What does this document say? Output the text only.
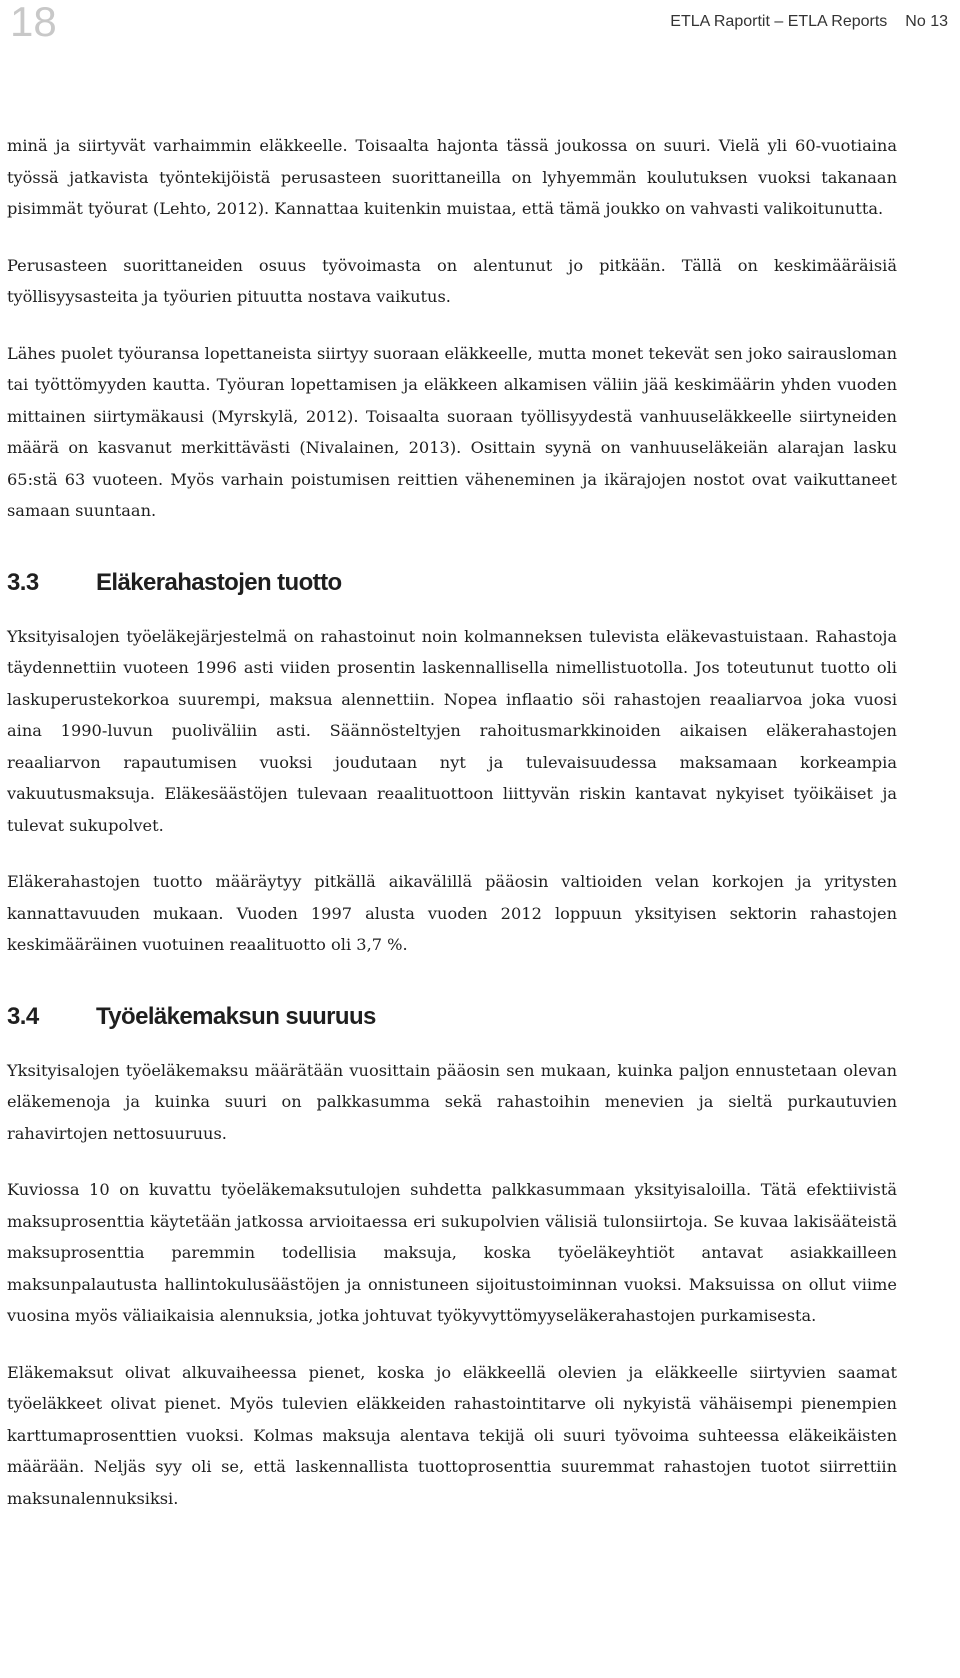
18	ETLA Raportit – ETLA Reports No 13

minä ja siirtyvät varhaimmin eläkkeelle. Toisaalta hajonta tässä joukossa on suuri. Vielä yli 60-vuotiaina työssä jatkavista työntekijöistä perusasteen suorittaneilla on lyhyemmän koulutuksen vuoksi takanaan pisimmät työurat (Lehto, 2012). Kannattaa kuitenkin muistaa, että tämä joukko on vahvasti valikoitunutta.

Perusasteen suorittaneiden osuus työvoimasta on alentunut jo pitkään. Tällä on keskimääräisiä työllisyysasteita ja työurien pituutta nostava vaikutus.

Lähes puolet työuransa lopettaneista siirtyy suoraan eläkkeelle, mutta monet tekevät sen joko sairausloman tai työttömyyden kautta. Työuran lopettamisen ja eläkkeen alkamisen väliin jää keskimäärin yhden vuoden mittainen siirtymäkausi (Myrskylä, 2012). Toisaalta suoraan työllisyydestä vanhuuseläkkeelle siirtyneiden määrä on kasvanut merkittävästi (Nivalainen, 2013). Osittain syynä on vanhuuseläkeiän alarajan lasku 65:stä 63 vuoteen. Myös varhain poistumisen reittien väheneminen ja ikärajojen nostot ovat vaikuttaneet samaan suuntaan.

3.3	Eläkerahastojen tuotto

Yksityisalojen työeläkejärjestelmä on rahastoinut noin kolmanneksen tulevista eläkevastuistaan. Rahastoja täydennettiin vuoteen 1996 asti viiden prosentin laskennallisella nimellistuotolla. Jos toteutunut tuotto oli laskuperustekorkoa suurempi, maksua alennettiin. Nopea inflaatio söi rahastojen reaaliarvoa joka vuosi aina 1990-luvun puoliväliin asti. Säännösteltyjen rahoitusmarkkinoiden aikaisen eläkerahastojen reaaliarvon rapautumisen vuoksi joudutaan nyt ja tulevaisuudessa maksamaan korkeampia vakuutusmaksuja. Eläkesäästöjen tulevaan reaalituottoon liittyvän riskin kantavat nykyiset työikäiset ja tulevat sukupolvet.

Eläkerahastojen tuotto määräytyy pitkällä aikavälillä pääosin valtioiden velan korkojen ja yritysten kannattavuuden mukaan. Vuoden 1997 alusta vuoden 2012 loppuun yksityisen sektorin rahastojen keskimääräinen vuotuinen reaalituotto oli 3,7 %.

3.4	Työeläkemaksun suuruus

Yksityisalojen työeläkemaksu määrätään vuosittain pääosin sen mukaan, kuinka paljon ennustetaan olevan eläkemenoja ja kuinka suuri on palkkasumma sekä rahastoihin menevien ja sieltä purkautuvien rahavirtojen nettosuuruus.

Kuviossa 10 on kuvattu työeläkemaksutulojen suhdetta palkkasummaan yksityisaloilla. Tätä efektiivistä maksuprosenttia käytetään jatkossa arvioitaessa eri sukupolvien välisiä tulonsiirtoja. Se kuvaa lakisääteistä maksuprosenttia paremmin todellisia maksuja, koska työeläkeyhtiöt antavat asiakkailleen maksunpalautusta hallintokulusäästöjen ja onnistuneen sijoitustoiminnan vuoksi. Maksuissa on ollut viime vuosina myös väliaikaisia alennuksia, jotka johtuvat työkyvyttömyyseläkerahastojen purkamisesta.

Eläkemaksut olivat alkuvaiheessa pienet, koska jo eläkkeellä olevien ja eläkkeelle siirtyvien saamat työeläkkeet olivat pienet. Myös tulevien eläkkeiden rahastointitarve oli nykyistä vähäisempi pienempien karttumaprosenttien vuoksi. Kolmas maksuja alentava tekijä oli suuri työvoima suhteessa eläkeikäisten määrään. Neljäs syy oli se, että laskennallista tuottoprosenttia suuremmat rahastojen tuotot siirrettiin maksunalennuksiksi.
